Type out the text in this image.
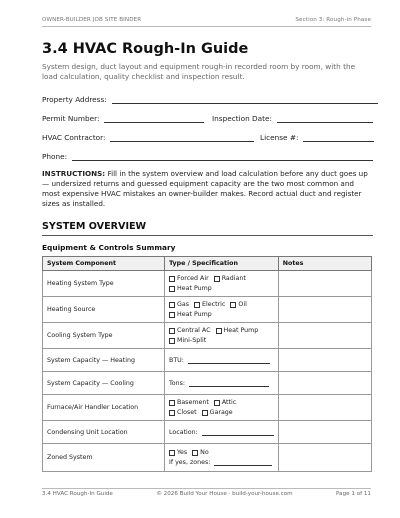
OWNER-BUILDER JOB SITE BINDER	Section 3: Rough-in Phase
3.4 HVAC Rough-In Guide
System design, duct layout and equipment rough-in recorded room by room, with the load calculation, quality checklist and inspection result.
Property Address:
Permit Number:	Inspection Date:
HVAC Contractor:	License #:
Phone:
INSTRUCTIONS: Fill in the system overview and load calculation before any duct goes up — undersized returns and guessed equipment capacity are the two most common and most expensive HVAC mistakes an owner-builder makes. Record actual duct and register sizes as installed.
SYSTEM OVERVIEW
Equipment & Controls Summary
System Component	Type / Specification	Notes
Heating System Type	Forced Air Radiant
Heat Pump	

Heating Source	Gas Electric Oil
Heat Pump	

Cooling System Type	Central AC Heat Pump
Mini-Split	

System Capacity — Heating	BTU:	

System Capacity — Cooling	Tons:	

Furnace/Air Handler Location	Basement Attic
Closet Garage	

Condensing Unit Location	Location:	

Zoned System	Yes No
If yes, zones:	

3.4 HVAC Rough-In Guide	© 2026 Build Your House · build-your-house.com	Page 1 of 11
